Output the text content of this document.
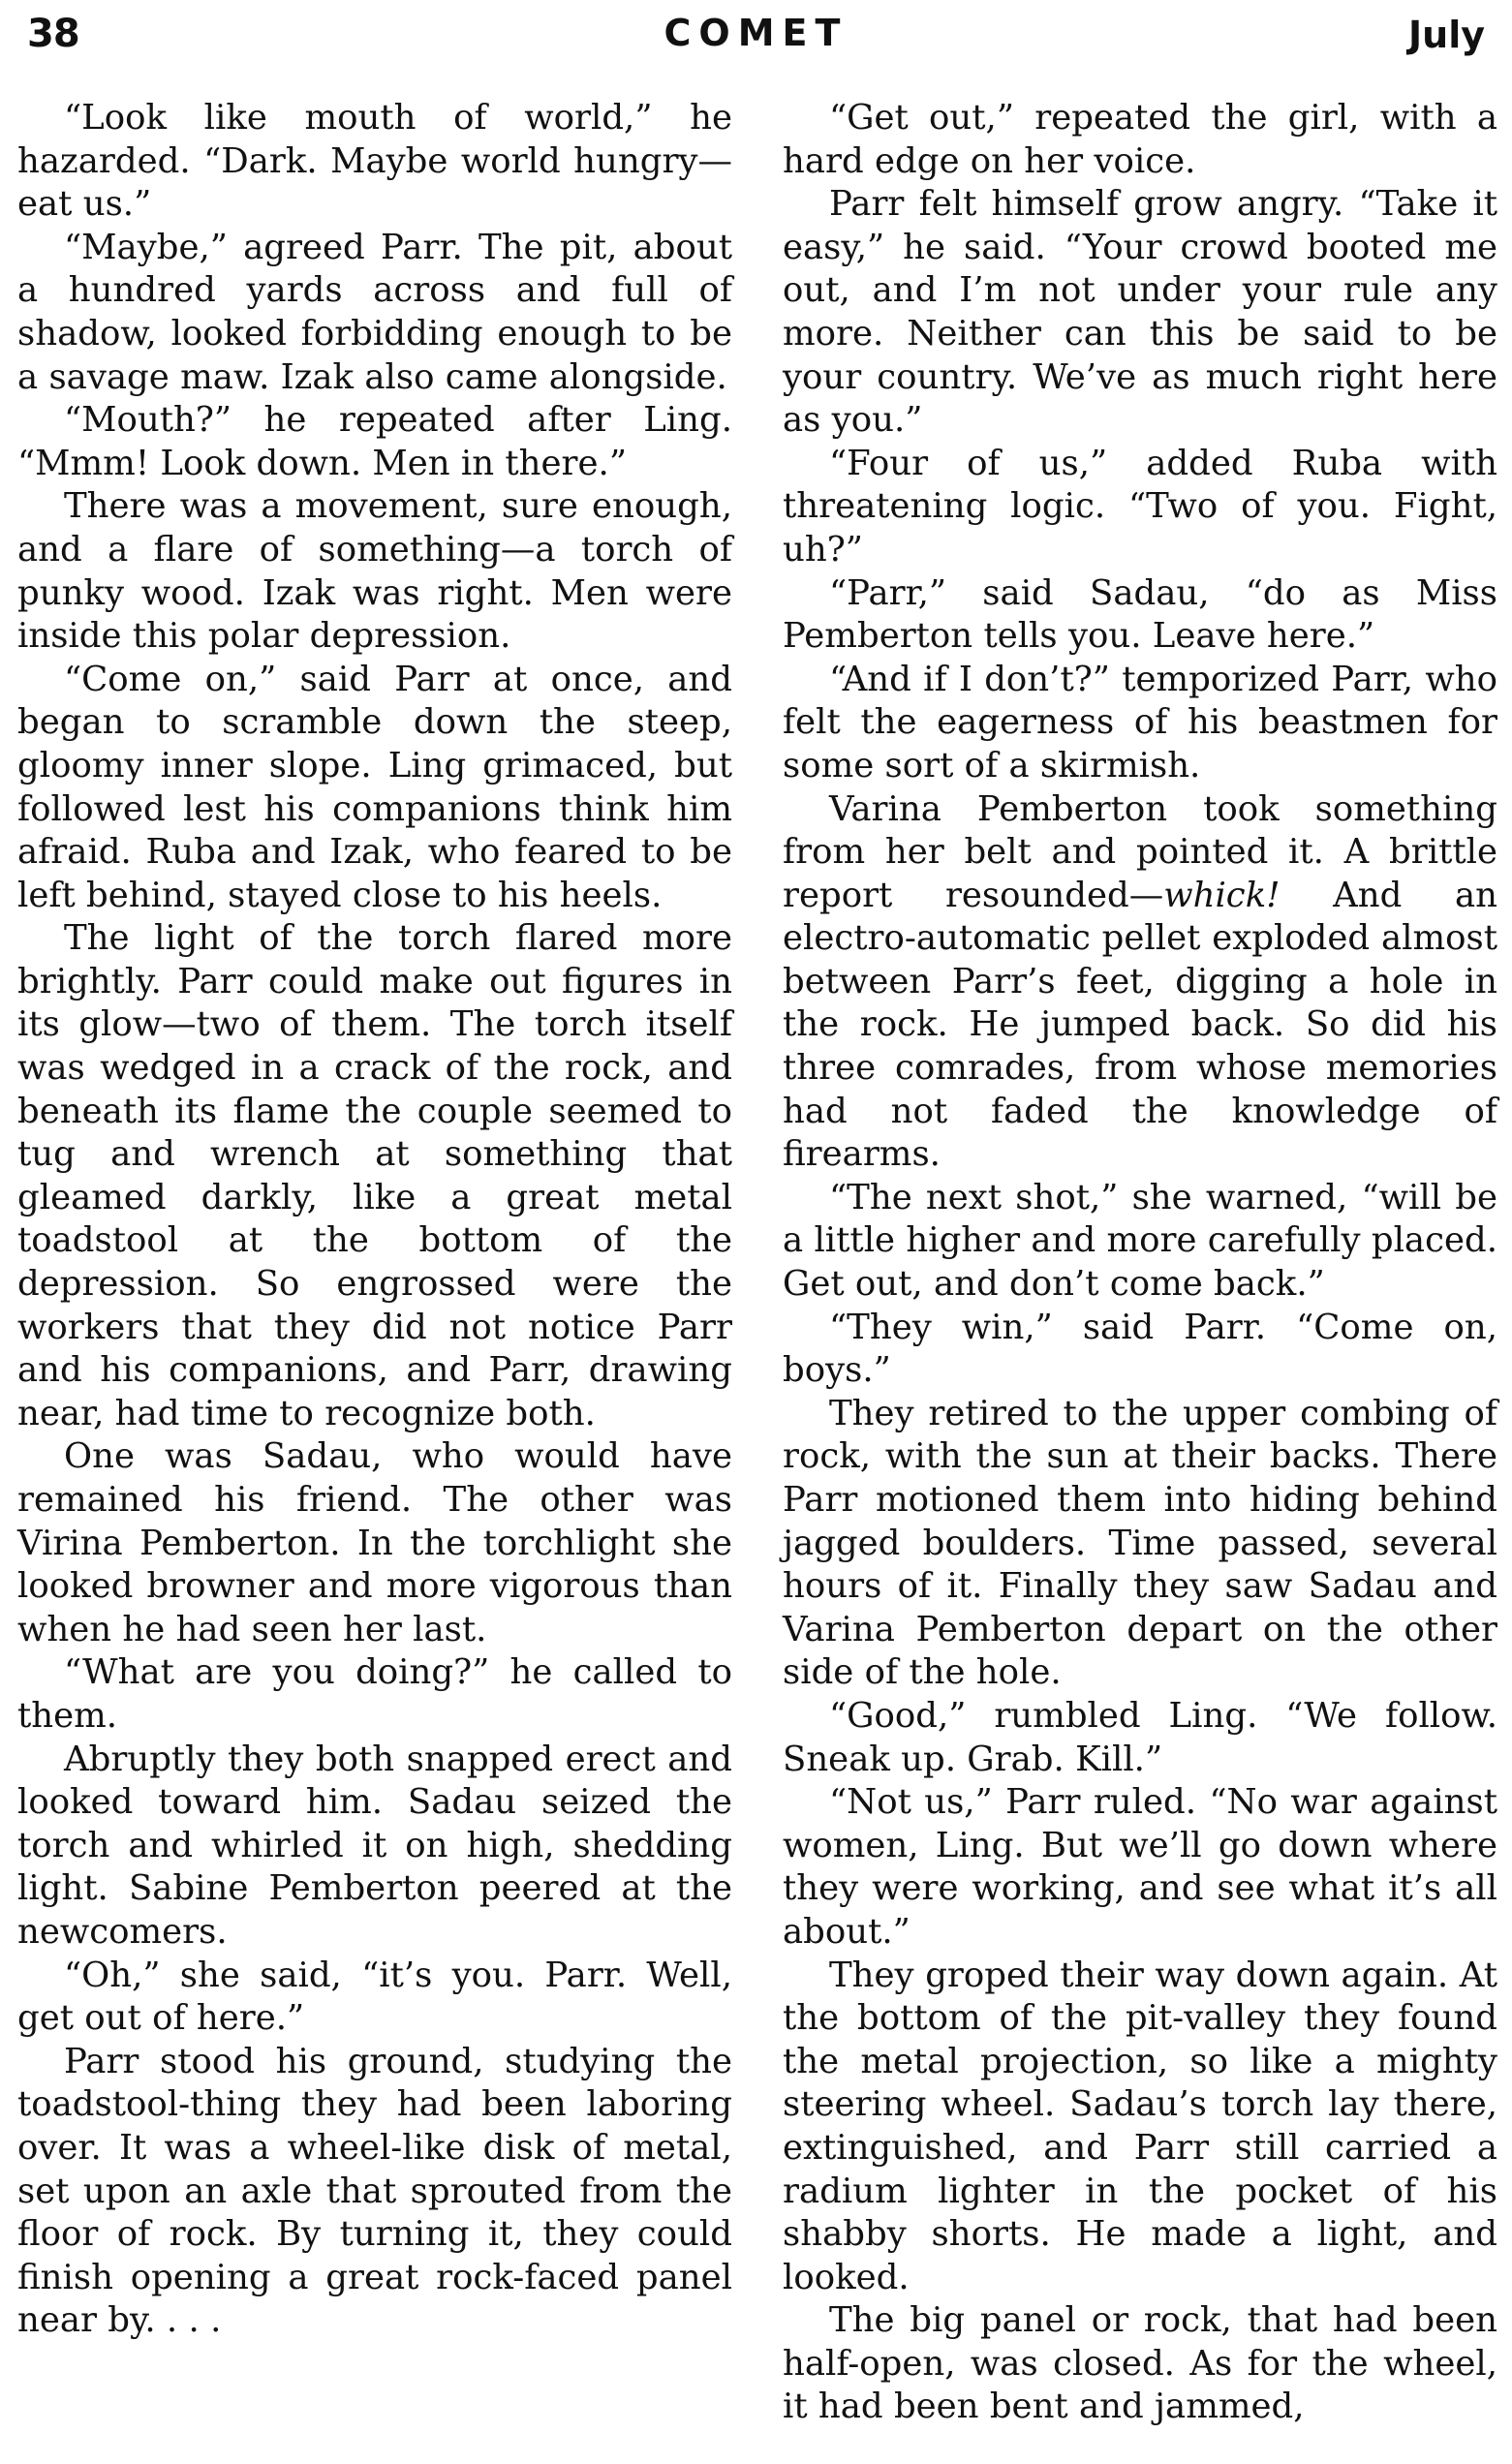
38	COMET	July

“Look like mouth of world,” he hazarded. “Dark. Maybe world hungry—eat us.”

“Maybe,” agreed Parr. The pit, about a hundred yards across and full of shadow, looked forbidding enough to be a savage maw. Izak also came alongside.

“Mouth?” he repeated after Ling. “Mmm! Look down. Men in there.”

There was a movement, sure enough, and a flare of something—a torch of punky wood. Izak was right. Men were inside this polar depression.

“Come on,” said Parr at once, and began to scramble down the steep, gloomy inner slope. Ling grimaced, but followed lest his companions think him afraid. Ruba and Izak, who feared to be left behind, stayed close to his heels.

The light of the torch flared more brightly. Parr could make out figures in its glow—two of them. The torch itself was wedged in a crack of the rock, and beneath its flame the couple seemed to tug and wrench at something that gleamed darkly, like a great metal toadstool at the bottom of the depression. So engrossed were the workers that they did not notice Parr and his companions, and Parr, drawing near, had time to recognize both.

One was Sadau, who would have remained his friend. The other was Virina Pemberton. In the torchlight she looked browner and more vigorous than when he had seen her last.

“What are you doing?” he called to them.

Abruptly they both snapped erect and looked toward him. Sadau seized the torch and whirled it on high, shedding light. Sabine Pemberton peered at the newcomers.

“Oh,” she said, “it’s you. Parr. Well, get out of here.”

Parr stood his ground, studying the toadstool-thing they had been laboring over. It was a wheel-like disk of metal, set upon an axle that sprouted from the floor of rock. By turning it, they could finish opening a great rock-faced panel near by. . . .

“Get out,” repeated the girl, with a hard edge on her voice.

Parr felt himself grow angry. “Take it easy,” he said. “Your crowd booted me out, and I’m not under your rule any more. Neither can this be said to be your country. We’ve as much right here as you.”

“Four of us,” added Ruba with threatening logic. “Two of you. Fight, uh?”

“Parr,” said Sadau, “do as Miss Pemberton tells you. Leave here.”

“And if I don’t?” temporized Parr, who felt the eagerness of his beastmen for some sort of a skirmish.

Varina Pemberton took something from her belt and pointed it. A brittle report resounded—whick! And an electro-automatic pellet exploded almost between Parr’s feet, digging a hole in the rock. He jumped back. So did his three comrades, from whose memories had not faded the knowledge of firearms.

“The next shot,” she warned, “will be a little higher and more carefully placed. Get out, and don’t come back.”

“They win,” said Parr. “Come on, boys.”

They retired to the upper combing of rock, with the sun at their backs. There Parr motioned them into hiding behind jagged boulders. Time passed, several hours of it. Finally they saw Sadau and Varina Pemberton depart on the other side of the hole.

“Good,” rumbled Ling. “We follow. Sneak up. Grab. Kill.”

“Not us,” Parr ruled. “No war against women, Ling. But we’ll go down where they were working, and see what it’s all about.”

They groped their way down again. At the bottom of the pit-valley they found the metal projection, so like a mighty steering wheel. Sadau’s torch lay there, extinguished, and Parr still carried a radium lighter in the pocket of his shabby shorts. He made a light, and looked.

The big panel or rock, that had been half-open, was closed. As for the wheel, it had been bent and jammed,
